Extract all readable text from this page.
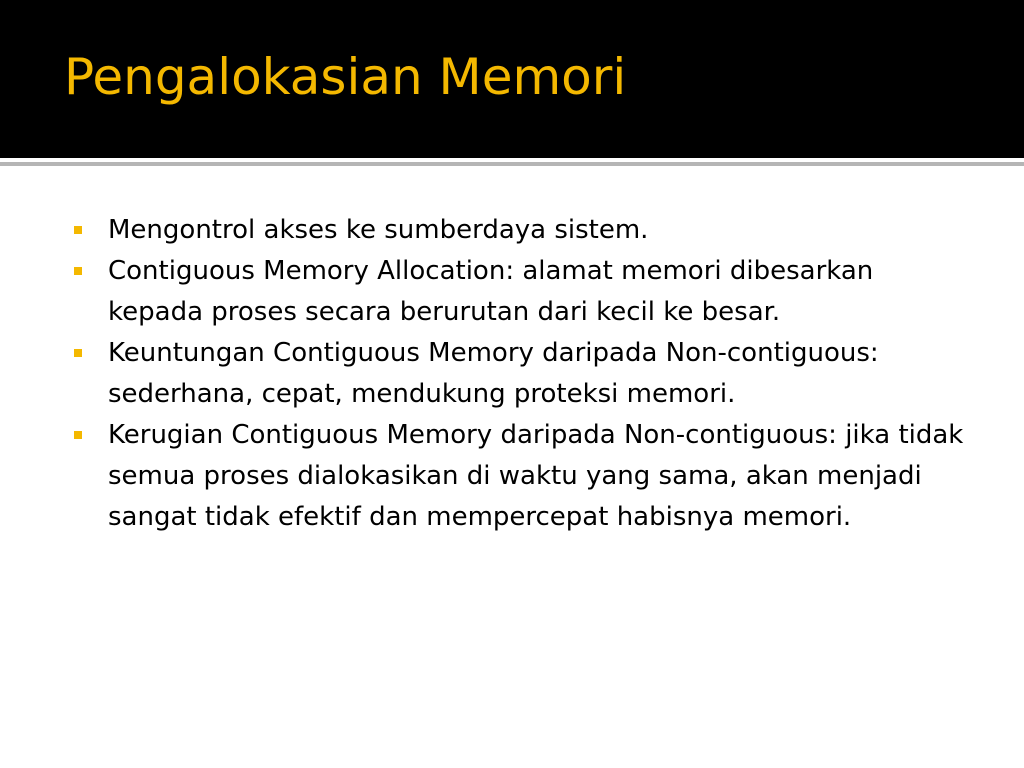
Pengalokasian Memori
Mengontrol akses ke sumberdaya sistem.
Contiguous Memory Allocation: alamat memori dibesarkan kepada proses secara berurutan dari kecil ke besar.
Keuntungan Contiguous Memory daripada Non-contiguous: sederhana, cepat, mendukung proteksi memori.
Kerugian Contiguous Memory daripada Non-contiguous: jika tidak semua proses dialokasikan di waktu yang sama, akan menjadi sangat tidak efektif dan mempercepat habisnya memori.
